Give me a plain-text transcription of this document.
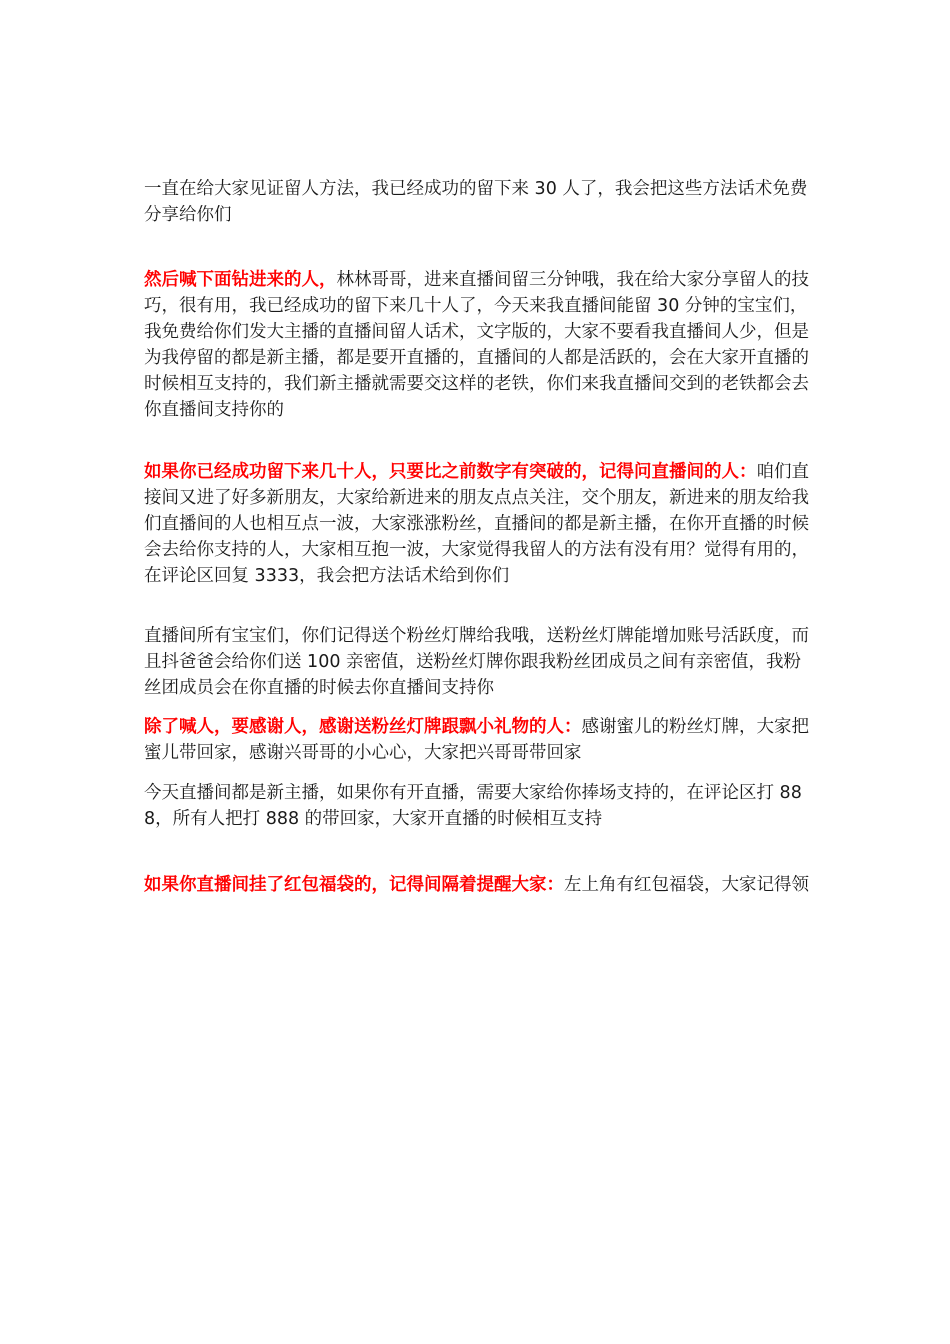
一直在给大家见证留人方法，我已经成功的留下来 30 人了，我会把这些方法话术免费分享给你们

然后喊下面钻进来的人，林林哥哥，进来直播间留三分钟哦，我在给大家分享留人的技巧，很有用，我已经成功的留下来几十人了，今天来我直播间能留 30 分钟的宝宝们，我免费给你们发大主播的直播间留人话术，文字版的，大家不要看我直播间人少，但是为我停留的都是新主播，都是要开直播的，直播间的人都是活跃的，会在大家开直播的时候相互支持的，我们新主播就需要交这样的老铁，你们来我直播间交到的老铁都会去你直播间支持你的

如果你已经成功留下来几十人，只要比之前数字有突破的，记得问直播间的人：咱们直接间又进了好多新朋友，大家给新进来的朋友点点关注，交个朋友，新进来的朋友给我们直播间的人也相互点一波，大家涨涨粉丝，直播间的都是新主播，在你开直播的时候会去给你支持的人，大家相互抱一波，大家觉得我留人的方法有没有用？觉得有用的，在评论区回复 3333，我会把方法话术给到你们

直播间所有宝宝们，你们记得送个粉丝灯牌给我哦，送粉丝灯牌能增加账号活跃度，而且抖爸爸会给你们送 100 亲密值，送粉丝灯牌你跟我粉丝团成员之间有亲密值，我粉丝团成员会在你直播的时候去你直播间支持你

除了喊人，要感谢人，感谢送粉丝灯牌跟飘小礼物的人：感谢蜜儿的粉丝灯牌，大家把蜜儿带回家，感谢兴哥哥的小心心，大家把兴哥哥带回家

今天直播间都是新主播，如果你有开直播，需要大家给你捧场支持的，在评论区打 888，所有人把打 888 的带回家，大家开直播的时候相互支持

如果你直播间挂了红包福袋的，记得间隔着提醒大家：左上角有红包福袋，大家记得领
